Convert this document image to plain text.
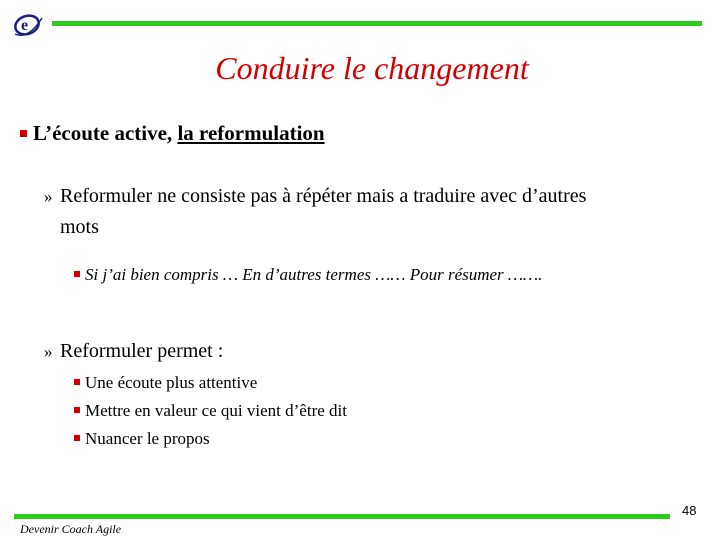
e
Conduire le changement
L’écoute active, la reformulation
» Reformuler ne consiste pas à répéter mais a traduire avec d’autres
mots
Si j’ai bien compris … En d’autres termes …… Pour résumer …….
» Reformuler permet :
Une écoute plus attentive
Mettre en valeur ce qui vient d’être dit
Nuancer le propos
48
Devenir Coach Agile
